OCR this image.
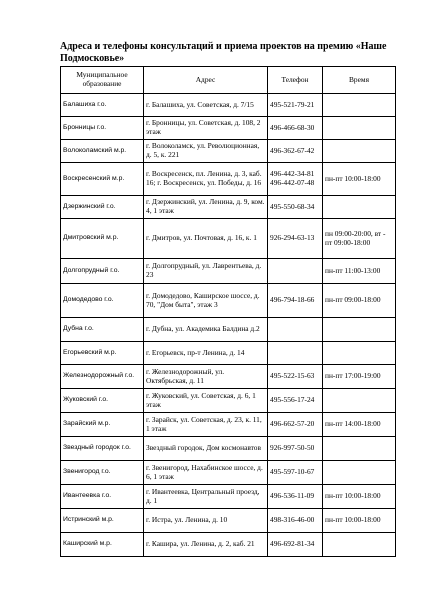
Адреса и телефоны консультаций и приема проектов на премию «Наше Подмосковье»
Муниципальное образование	Адрес	Телефон	Время
Балашиха г.о.	г. Балашиха, ул. Советская, д. 7/15	495-521-79-21	
Бронницы г.о.	г. Бронницы, ул. Советская, д. 108, 2 этаж	496-466-68-30	
Волоколамский м.р.	г. Волоколамск, ул. Революционная, д. 5, к. 221	496-362-67-42	
Воскресенский м.р.	г. Воскресенск, пл. Ленина, д. 3, каб. 16; г. Воскресенск, ул. Победы, д. 16	496-442-34-81 496-442-07-48	пн-пт 10:00-18:00
Дзержинский г.о.	г. Дзержинский, ул. Ленина, д. 9, ком. 4, 1 этаж	495-550-68-34	
Дмитровский м.р.	г. Дмитров, ул. Почтовая, д. 16, к. 1	926-294-63-13	пн 09:00-20:00, вт - пт 09:00-18:00
Долгопрудный г.о.	г. Долгопрудный, ул. Лаврентьева, д. 23		пн-пт 11:00-13:00
Домодедово г.о.	г. Домодедово, Каширское шоссе, д. 70, "Дом быта", этаж 3	496-794-18-66	пн-пт 09:00-18:00
Дубна г.о.	г. Дубна, ул. Академика Балдина д.2		
Егорьевский м.р.	г. Егорьевск, пр-т Ленина, д. 14		
Железнодорожный г.о.	г. Железнодорожный, ул. Октябрьская, д. 11	495-522-15-63	пн-пт 17:00-19:00
Жуковский г.о.	г. Жуковский, ул. Советская, д. 6, 1 этаж	495-556-17-24	
Зарайский м.р.	г. Зарайск, ул. Советская, д. 23, к. 11, 1 этаж	496-662-57-20	пн-пт 14:00-18:00
Звездный городок г.о.	Звездный городок, Дом космонавтов	926-997-50-50	
Звенигород г.о.	г. Звенигород, Нахабинское шоссе, д. 6, 1 этаж	495-597-10-67	
Ивантеевка г.о.	г. Ивантеевка, Центральный проезд, д. 1	496-536-11-09	пн-пт 10:00-18:00
Истринский м.р.	г. Истра, ул. Ленина, д. 10	498-316-46-00	пн-пт 10:00-18:00
Каширский м.р.	г. Кашира, ул. Ленина, д. 2, каб. 21	496-692-81-34	
